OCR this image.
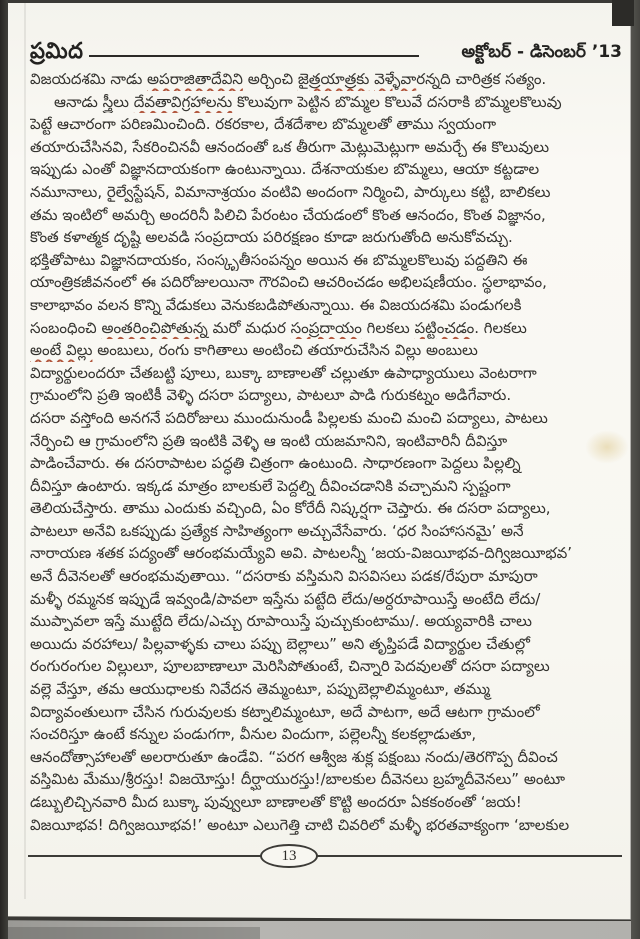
ప్రమిద	అక్టోబర్ - డిసెంబర్ ’13
విజయదశమి నాడు అపరాజితాదేవిని అర్చించి జైత్రయాత్రకు వెళ్ళేవారన్నది చారిత్రక సత్యం.
ఆనాడు స్త్రీలు దేవతావిగ్రహాలను కొలువుగా పెట్టిన బొమ్మల కొలువే దసరాకి బొమ్మలకొలువు
పెట్టే ఆచారంగా పరిణమించింది. రకరకాల, దేశదేశాల బొమ్మలతో తాము స్వయంగా
తయారుచేసినవి, సేకరించినవీ ఆనందంతో ఒక తీరుగా మెట్లుమెట్లుగా అమర్చే ఈ కొలువులు
ఇప్పుడు ఎంతో విజ్ఞానదాయకంగా ఉంటున్నాయి. దేశనాయకుల బొమ్మలు, ఆయా కట్టడాల
నమూనాలు, రైల్వేస్టేషన్, విమానాశ్రయం వంటివి అందంగా నిర్మించి, పార్కులు కట్టి, బాలికలు
తమ ఇంటిలో అమర్చి అందరినీ పిలిచి పేరంటం చేయడంలో కొంత ఆనందం, కొంత విజ్ఞానం,
కొంత కళాత్మక దృష్టి అలవడి సంప్రదాయ పరిరక్షణం కూడా జరుగుతోంది అనుకోవచ్చు.
భక్తితోపాటు విజ్ఞానదాయకం, సంస్కృతీసంపన్నం అయిన ఈ బొమ్మలకొలువు పద్ధతిని ఈ
యాంత్రికజీవనంలో ఈ పదిరోజులయినా గౌరవించి ఆచరించడం అభిలషణీయం. స్థలాభావం,
కాలాభావం వలన కొన్ని వేడుకలు వెనుకబడిపోతున్నాయి. ఈ విజయదశమి పండుగలకి
సంబంధించి అంతరించిపోతున్న మరో మధుర సంప్రదాయం గిలకలు పట్టించడం. గిలకలు
అంటే విల్లు అంబులు, రంగు కాగితాలు అంటించి తయారుచేసిన విల్లు అంబులు
విద్యార్థులందరూ చేతబట్టి పూలు, బుక్కా బాణాలతో చల్లుతూ ఉపాధ్యాయులు వెంటరాగా
గ్రామంలోని ప్రతి ఇంటికీ వెళ్ళి దసరా పద్యాలు, పాటలూ పాడి గురుకట్నం అడిగేవారు.
దసరా వస్తోంది అనగనే పదిరోజులు ముందునుండీ పిల్లలకు మంచి మంచి పద్యాలు, పాటలు
నేర్పించి ఆ గ్రామంలోని ప్రతి ఇంటికి వెళ్ళి ఆ ఇంటి యజమానిని, ఇంటివారినీ దీవిస్తూ
పాడించేవారు. ఈ దసరాపాటల పద్ధతి చిత్రంగా ఉంటుంది. సాధారణంగా పెద్దలు పిల్లల్ని
దీవిస్తూ ఉంటారు. ఇక్కడ మాత్రం బాలకులే పెద్దల్ని దీవించడానికి వచ్చామని స్పష్టంగా
తెలియచేస్తారు. తాము ఎందుకు వచ్చింది, ఏం కోరేదీ నిష్కర్షగా చెప్తారు. ఈ దసరా పద్యాలు,
పాటలూ అనేవి ఒకప్పుడు ప్రత్యేక సాహిత్యంగా అచ్చువేసేవారు. ‘ధర సింహాసనమై’ అనే
నారాయణ శతక పద్యంతో ఆరంభమయ్యేవి అవి. పాటలన్నీ ‘జయ-విజయీభవ-దిగ్విజయీభవ’
అనే దీవెనలతో ఆరంభమవుతాయి. “దసరాకు వస్తిమని విసవిసలు పడక/రేపురా మాపురా
మళ్ళీ రమ్మనక ఇప్పుడే ఇవ్వండి/పావలా ఇస్తేను పట్టేది లేదు/అర్ధరూపాయిస్తే అంటేది లేదు/
ముప్పావలా ఇస్తే ముట్టేది లేదు/ఎచ్చు రూపాయిస్తే పుచ్చుకుంటాము/. అయ్యవారికి చాలు
అయిదు వరహాలు/ పిల్లవాళ్ళకు చాలు పప్పు బెల్లాలు” అని తృప్తిపడే విద్యార్థుల చేతుల్లో
రంగురంగుల విల్లులూ, పూలబాణాలూ మెరిసిపోతుంటే, చిన్నారి పెదవులతో దసరా పద్యాలు
వల్లె వేస్తూ, తమ ఆయుధాలకు నివేదన తెమ్మంటూ, పప్పుబెల్లాలిమ్మంటూ, తమ్ము
విద్యావంతులుగా చేసిన గురువులకు కట్నాలిమ్మంటూ, అదే పాటగా, అదే ఆటగా గ్రామంలో
సంచరిస్తూ ఉంటే కన్నుల పండుగగా, వీనుల విందుగా, పల్లెలన్నీ కలకల్లాడుతూ,
ఆనందోత్సాహాలతో అలరారుతూ ఉండేవి. “పరగ ఆశ్వీజ శుక్ల పక్షంబు నందు/తెరగొప్ప దీవించ
వస్తిమిట మేము/శ్రీరస్తు! విజయోస్తు! దీర్ఘాయురస్తు!/బాలకుల దీవెనలు బ్రహ్మదీవెనలు” అంటూ
డబ్బులిచ్చినవారి మీద బుక్కా పువ్వులూ బాణాలతో కొట్టి అందరూ ఏకకంఠంతో ‘జయ!
విజయీభవ! దిగ్విజయీభవ!’ అంటూ ఎలుగెత్తి చాటి చివరిలో మళ్ళీ భరతవాక్యంగా ‘బాలకుల
13
